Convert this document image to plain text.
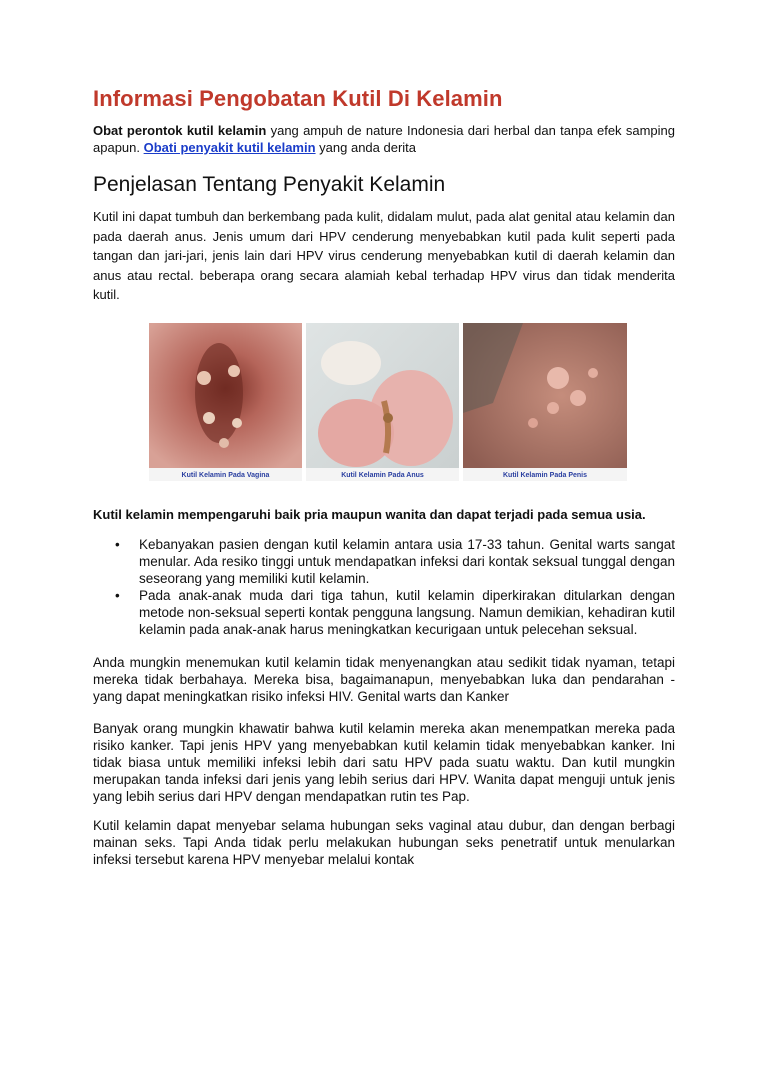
Informasi Pengobatan Kutil Di Kelamin

Obat perontok kutil kelamin yang ampuh de nature Indonesia dari herbal dan tanpa efek samping apapun. Obati penyakit kutil kelamin yang anda derita

Penjelasan Tentang Penyakit Kelamin

Kutil ini dapat tumbuh dan berkembang pada kulit, didalam mulut, pada alat genital atau kelamin dan pada daerah anus. Jenis umum dari HPV cenderung menyebabkan kutil pada kulit seperti pada tangan dan jari-jari, jenis lain dari HPV virus cenderung menyebabkan kutil di daerah kelamin dan anus atau rectal. beberapa orang secara alamiah kebal terhadap HPV virus dan tidak menderita kutil.

Kutil Kelamin Pada Vagina	Kutil Kelamin Pada Anus	Kutil Kelamin Pada Penis

Kutil kelamin mempengaruhi baik pria maupun wanita dan dapat terjadi pada semua usia.

• Kebanyakan pasien dengan kutil kelamin antara usia 17-33 tahun. Genital warts sangat menular. Ada resiko tinggi untuk mendapatkan infeksi dari kontak seksual tunggal dengan seseorang yang memiliki kutil kelamin.
• Pada anak-anak muda dari tiga tahun, kutil kelamin diperkirakan ditularkan dengan metode non-seksual seperti kontak pengguna langsung. Namun demikian, kehadiran kutil kelamin pada anak-anak harus meningkatkan kecurigaan untuk pelecehan seksual.

Anda mungkin menemukan kutil kelamin tidak menyenangkan atau sedikit tidak nyaman, tetapi mereka tidak berbahaya. Mereka bisa, bagaimanapun, menyebabkan luka dan pendarahan - yang dapat meningkatkan risiko infeksi HIV. Genital warts dan Kanker

Banyak orang mungkin khawatir bahwa kutil kelamin mereka akan menempatkan mereka pada risiko kanker. Tapi jenis HPV yang menyebabkan kutil kelamin tidak menyebabkan kanker. Ini tidak biasa untuk memiliki infeksi lebih dari satu HPV pada suatu waktu. Dan kutil mungkin merupakan tanda infeksi dari jenis yang lebih serius dari HPV. Wanita dapat menguji untuk jenis yang lebih serius dari HPV dengan mendapatkan rutin tes Pap.

Kutil kelamin dapat menyebar selama hubungan seks vaginal atau dubur, dan dengan berbagi mainan seks. Tapi Anda tidak perlu melakukan hubungan seks penetratif untuk menularkan infeksi tersebut karena HPV menyebar melalui kontak
